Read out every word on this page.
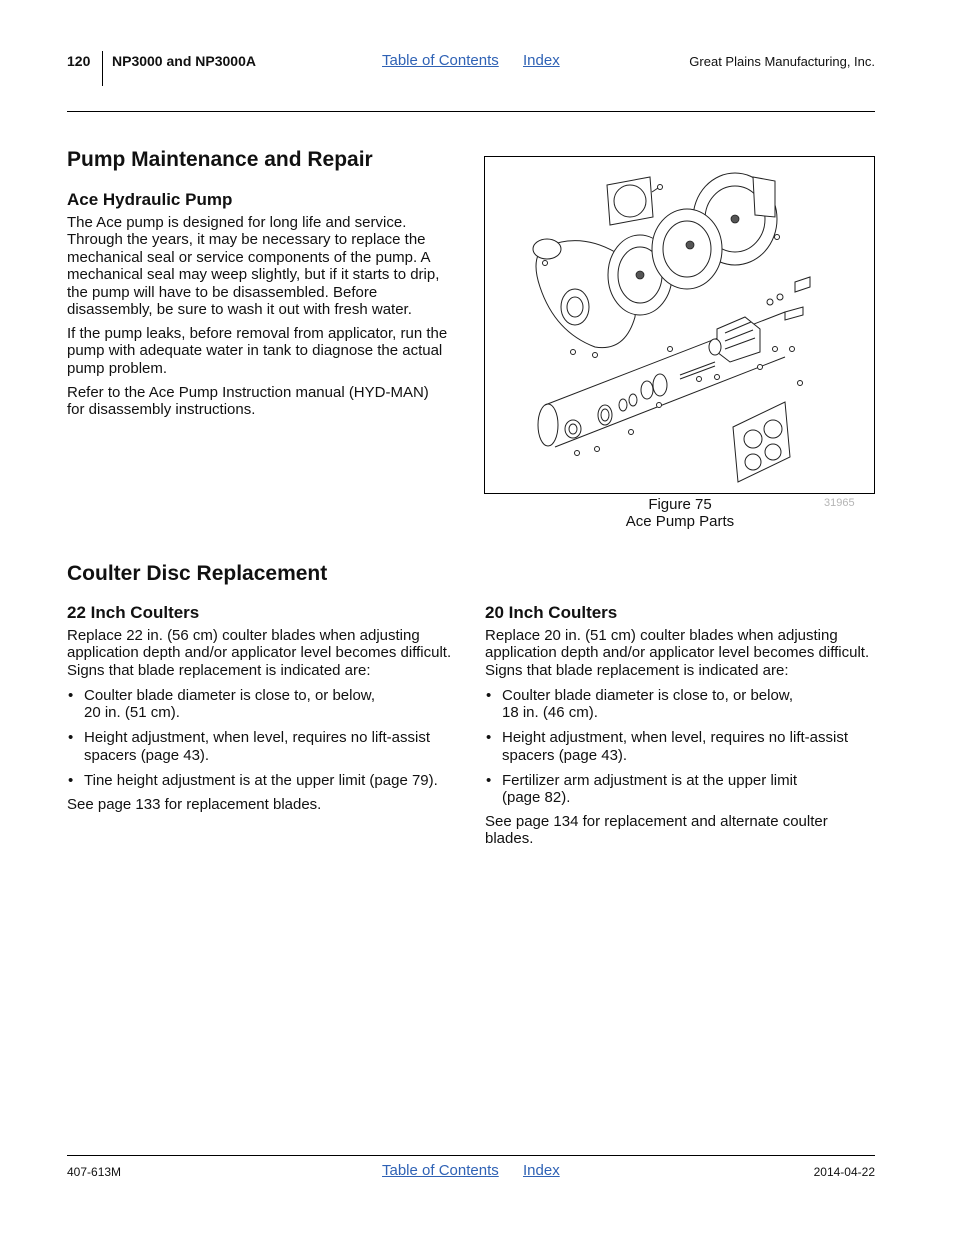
120 NP3000 and NP3000A	Table of Contents Index	Great Plains Manufacturing, Inc.
Pump Maintenance and Repair
Ace Hydraulic Pump

The Ace pump is designed for long life and service. Through the years, it may be necessary to replace the mechanical seal or service components of the pump. A mechanical seal may weep slightly, but if it starts to drip, the pump will have to be disassembled. Before disassembly, be sure to wash it out with fresh water.

If the pump leaks, before removal from applicator, run the pump with adequate water in tank to diagnose the actual pump problem.

Refer to the Ace Pump Instruction manual (HYD-MAN) for disassembly instructions.

Figure 75
Ace Pump Parts
31965
Coulter Disc Replacement
22 Inch Coulters

Replace 22 in. (56 cm) coulter blades when adjusting application depth and/or applicator level becomes difficult. Signs that blade replacement is indicated are:

• Coulter blade diameter is close to, or below, 20 in. (51 cm).
• Height adjustment, when level, requires no lift-assist spacers (page 43).
• Tine height adjustment is at the upper limit (page 79).

See page 133 for replacement blades.

20 Inch Coulters

Replace 20 in. (51 cm) coulter blades when adjusting application depth and/or applicator level becomes difficult. Signs that blade replacement is indicated are:

• Coulter blade diameter is close to, or below, 18 in. (46 cm).
• Height adjustment, when level, requires no lift-assist spacers (page 43).
• Fertilizer arm adjustment is at the upper limit (page 82).

See page 134 for replacement and alternate coulter blades.

407-613M	Table of Contents Index	2014-04-22
